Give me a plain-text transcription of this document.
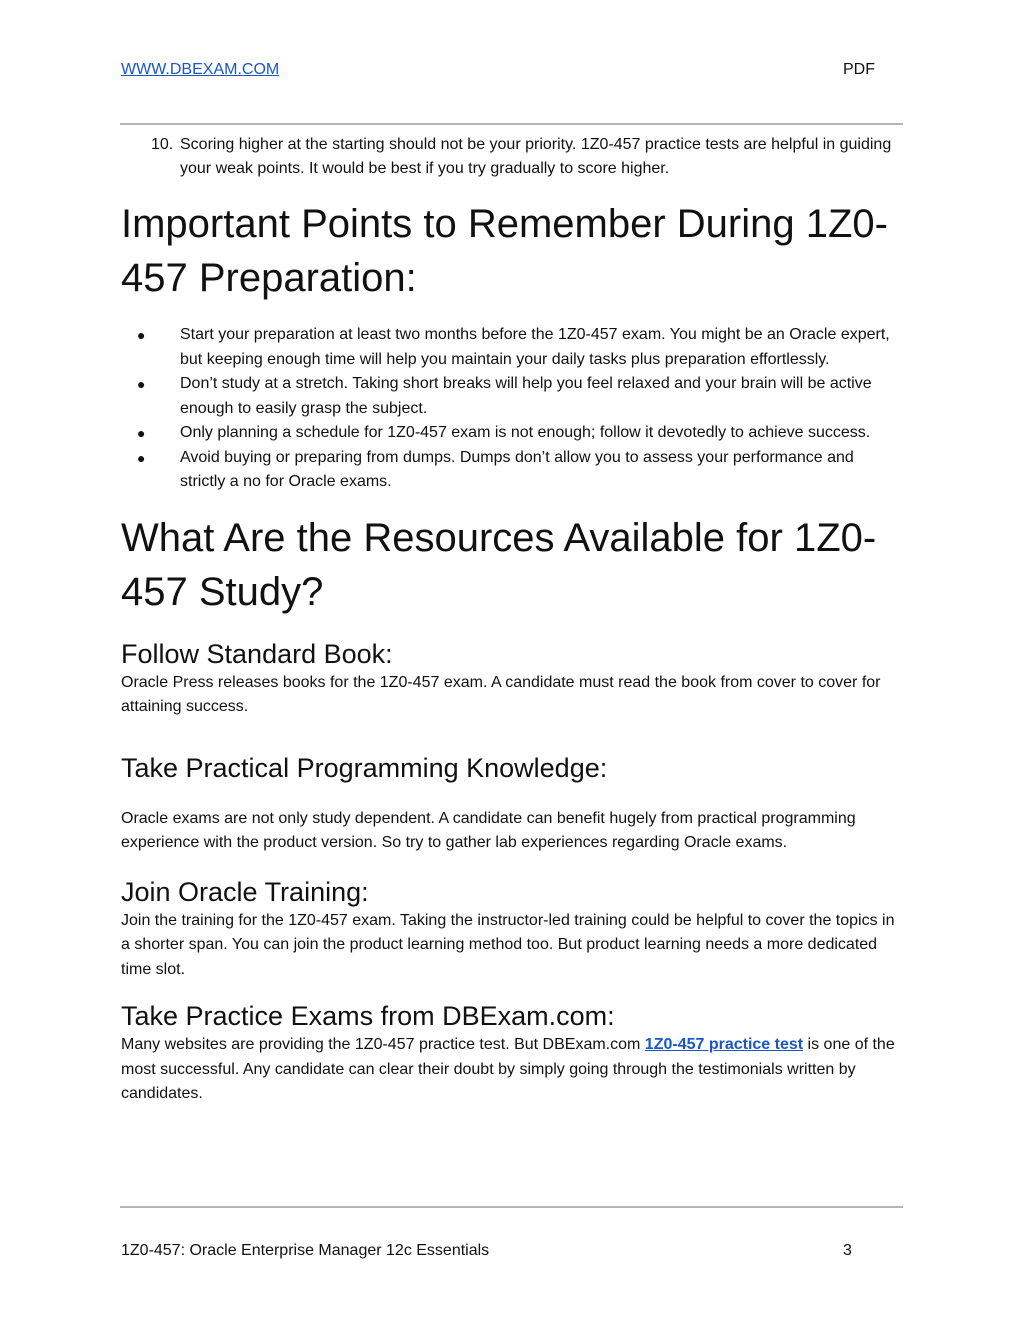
WWW.DBEXAM.COM	PDF

10. Scoring higher at the starting should not be your priority. 1Z0-457 practice tests are helpful in guiding your weak points. It would be best if you try gradually to score higher.

Important Points to Remember During 1Z0-457 Preparation:
● Start your preparation at least two months before the 1Z0-457 exam. You might be an Oracle expert, but keeping enough time will help you maintain your daily tasks plus preparation effortlessly.
● Don’t study at a stretch. Taking short breaks will help you feel relaxed and your brain will be active enough to easily grasp the subject.
● Only planning a schedule for 1Z0-457 exam is not enough; follow it devotedly to achieve success.
● Avoid buying or preparing from dumps. Dumps don’t allow you to assess your performance and strictly a no for Oracle exams.
What Are the Resources Available for 1Z0-457 Study?
Follow Standard Book:

Oracle Press releases books for the 1Z0-457 exam. A candidate must read the book from cover to cover for attaining success.

Take Practical Programming Knowledge:

Oracle exams are not only study dependent. A candidate can benefit hugely from practical programming experience with the product version. So try to gather lab experiences regarding Oracle exams.

Join Oracle Training:

Join the training for the 1Z0-457 exam. Taking the instructor-led training could be helpful to cover the topics in a shorter span. You can join the product learning method too. But product learning needs a more dedicated time slot.

Take Practice Exams from DBExam.com:

Many websites are providing the 1Z0-457 practice test. But DBExam.com 1Z0-457 practice test is one of the most successful. Any candidate can clear their doubt by simply going through the testimonials written by candidates.

1Z0-457: Oracle Enterprise Manager 12c Essentials	3
